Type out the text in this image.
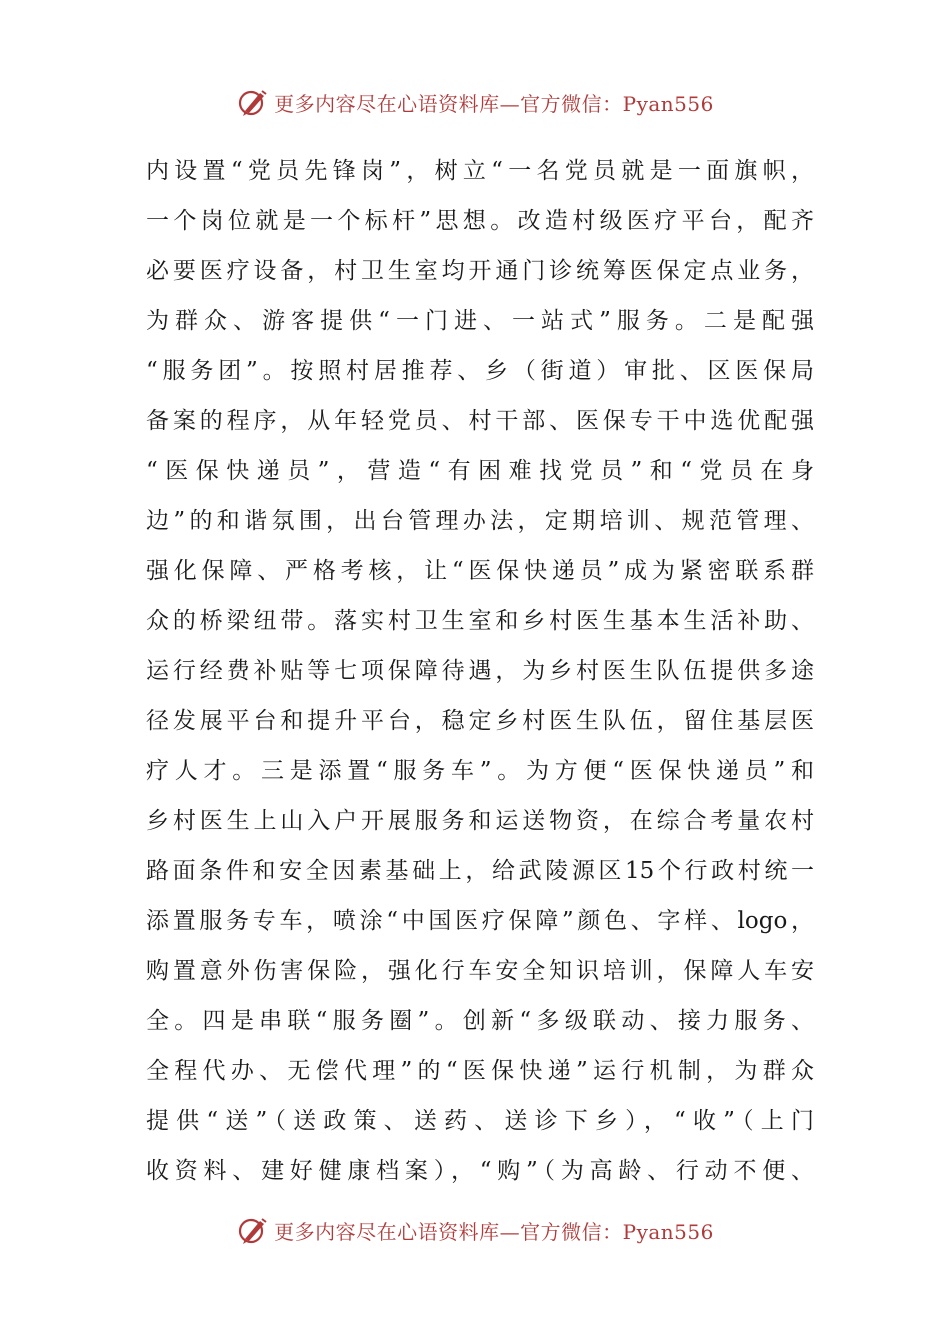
更多内容尽在心语资料库—官方微信：Pyan556
内设置“党员先锋岗”，树立“一名党员就是一面旗帜，
一个岗位就是一个标杆”思想。改造村级医疗平台，配齐
必要医疗设备，村卫生室均开通门诊统筹医保定点业务，
为群众、游客提供“一门进、一站式”服务。二是配强
“服务团”。按照村居推荐、乡（街道）审批、区医保局
备案的程序，从年轻党员、村干部、医保专干中选优配强
“医保快递员”，营造“有困难找党员”和“党员在身
边”的和谐氛围，出台管理办法，定期培训、规范管理、
强化保障、严格考核，让“医保快递员”成为紧密联系群
众的桥梁纽带。落实村卫生室和乡村医生基本生活补助、
运行经费补贴等七项保障待遇，为乡村医生队伍提供多途
径发展平台和提升平台，稳定乡村医生队伍，留住基层医
疗人才。三是添置“服务车”。为方便“医保快递员”和
乡村医生上山入户开展服务和运送物资，在综合考量农村
路面条件和安全因素基础上，给武陵源区15个行政村统一
添置服务专车，喷涂“中国医疗保障”颜色、字样、logo，
购置意外伤害保险，强化行车安全知识培训，保障人车安
全。四是串联“服务圈”。创新“多级联动、接力服务、
全程代办、无偿代理”的“医保快递”运行机制，为群众
提供“送”（送政策、送药、送诊下乡），“收”（上门
收资料、建好健康档案），“购”（为高龄、行动不便、
更多内容尽在心语资料库—官方微信：Pyan556
